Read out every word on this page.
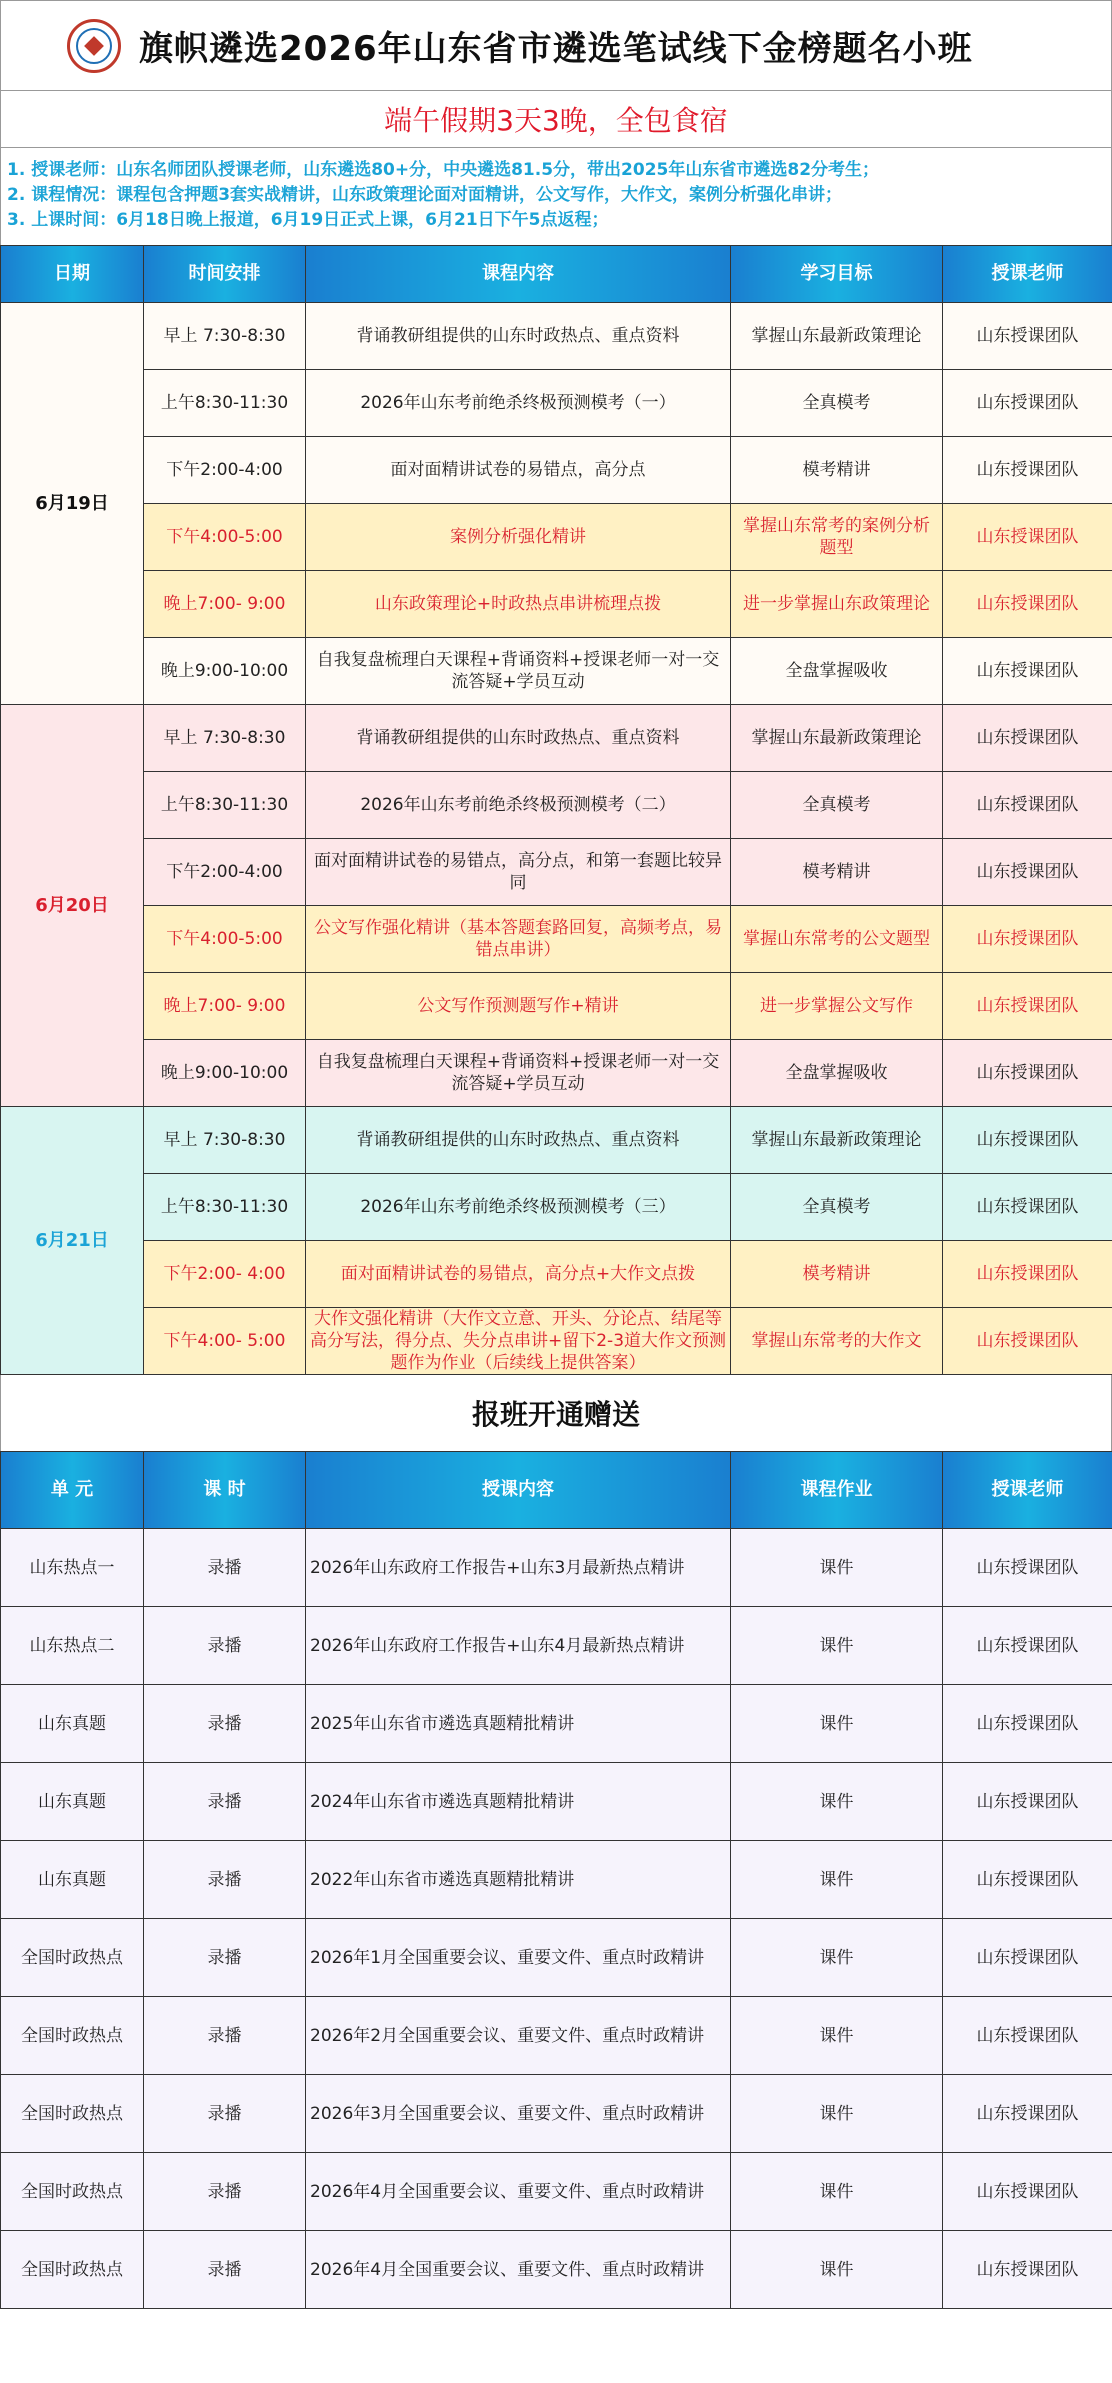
旗帜遴选2026年山东省市遴选笔试线下金榜题名小班
端午假期3天3晚，全包食宿
1. 授课老师：山东名师团队授课老师，山东遴选80+分，中央遴选81.5分，带出2025年山东省市遴选82分考生；
2. 课程情况：课程包含押题3套实战精讲，山东政策理论面对面精讲，公文写作，大作文，案例分析强化串讲；
3. 上课时间：6月18日晚上报道，6月19日正式上课，6月21日下午5点返程；
日期	时间安排	课程内容	学习目标	授课老师
6月19日	早上 7:30-8:30	背诵教研组提供的山东时政热点、重点资料	掌握山东最新政策理论	山东授课团队
	上午8:30-11:30	2026年山东考前绝杀终极预测模考（一）	全真模考	山东授课团队
	下午2:00-4:00	面对面精讲试卷的易错点，高分点	模考精讲	山东授课团队
	下午4:00-5:00	案例分析强化精讲	掌握山东常考的案例分析题型	山东授课团队
	晚上7:00- 9:00	山东政策理论+时政热点串讲梳理点拨	进一步掌握山东政策理论	山东授课团队
	晚上9:00-10:00	自我复盘梳理白天课程+背诵资料+授课老师一对一交流答疑+学员互动	全盘掌握吸收	山东授课团队
6月20日	早上 7:30-8:30	背诵教研组提供的山东时政热点、重点资料	掌握山东最新政策理论	山东授课团队
	上午8:30-11:30	2026年山东考前绝杀终极预测模考（二）	全真模考	山东授课团队
	下午2:00-4:00	面对面精讲试卷的易错点，高分点，和第一套题比较异同	模考精讲	山东授课团队
	下午4:00-5:00	公文写作强化精讲（基本答题套路回复，高频考点，易错点串讲）	掌握山东常考的公文题型	山东授课团队
	晚上7:00- 9:00	公文写作预测题写作+精讲	进一步掌握公文写作	山东授课团队
	晚上9:00-10:00	自我复盘梳理白天课程+背诵资料+授课老师一对一交流答疑+学员互动	全盘掌握吸收	山东授课团队
6月21日	早上 7:30-8:30	背诵教研组提供的山东时政热点、重点资料	掌握山东最新政策理论	山东授课团队
	上午8:30-11:30	2026年山东考前绝杀终极预测模考（三）	全真模考	山东授课团队
	下午2:00- 4:00	面对面精讲试卷的易错点，高分点+大作文点拨	模考精讲	山东授课团队
	下午4:00- 5:00	大作文强化精讲（大作文立意、开头、分论点、结尾等高分写法，得分点、失分点串讲+留下2-3道大作文预测题作为作业（后续线上提供答案）	掌握山东常考的大作文	山东授课团队
报班开通赠送
单 元	课 时	授课内容	课程作业	授课老师
山东热点一	录播	2026年山东政府工作报告+山东3月最新热点精讲	课件	山东授课团队
山东热点二	录播	2026年山东政府工作报告+山东4月最新热点精讲	课件	山东授课团队
山东真题	录播	2025年山东省市遴选真题精批精讲	课件	山东授课团队
山东真题	录播	2024年山东省市遴选真题精批精讲	课件	山东授课团队
山东真题	录播	2022年山东省市遴选真题精批精讲	课件	山东授课团队
全国时政热点	录播	2026年1月全国重要会议、重要文件、重点时政精讲	课件	山东授课团队
全国时政热点	录播	2026年2月全国重要会议、重要文件、重点时政精讲	课件	山东授课团队
全国时政热点	录播	2026年3月全国重要会议、重要文件、重点时政精讲	课件	山东授课团队
全国时政热点	录播	2026年4月全国重要会议、重要文件、重点时政精讲	课件	山东授课团队
全国时政热点	录播	2026年4月全国重要会议、重要文件、重点时政精讲	课件	山东授课团队
